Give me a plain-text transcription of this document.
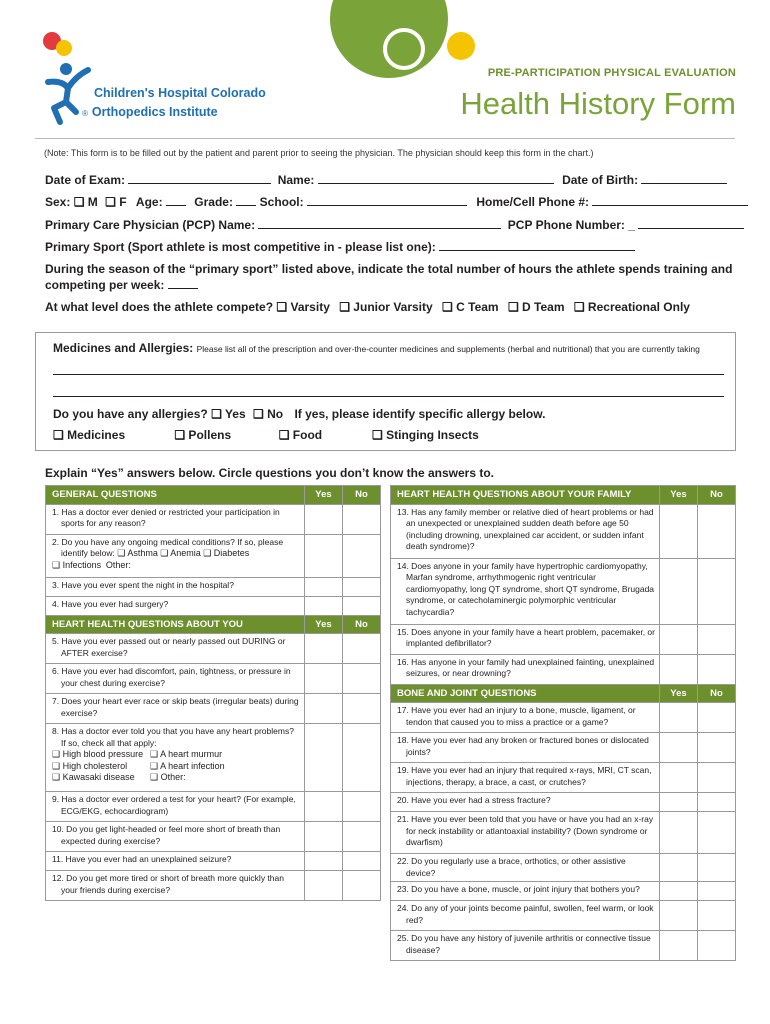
Children's Hospital Colorado
® Orthopedics Institute
PRE-PARTICIPATION PHYSICAL EVALUATION
Health History Form
(Note: This form is to be filled out by the patient and parent prior to seeing the physician. The physician should keep this form in the chart.)
Date of Exam:	Name:	Date of Birth:
Sex: ❑ M ❑ F Age:	Grade: School:	Home/Cell Phone #:
Primary Care Physician (PCP) Name:	PCP Phone Number: _
Primary Sport (Sport athlete is most competitive in - please list one):
During the season of the “primary sport” listed above, indicate the total number of hours the athlete spends training and competing per week:
At what level does the athlete compete? ❑ Varsity ❑ Junior Varsity ❑ C Team ❑ D Team ❑ Recreational Only
Medicines and Allergies: Please list all of the prescription and over-the-counter medicines and supplements (herbal and nutritional) that you are currently taking
Do you have any allergies? ❑ Yes ❑ No If yes, please identify specific allergy below.
❑ Medicines	❑ Pollens	❑ Food	❑ Stinging Insects
Explain “Yes” answers below. Circle questions you don’t know the answers to.
GENERAL QUESTIONS	Yes	No

1. Has a doctor ever denied or restricted your participation in sports for any reason?		

2. Do you have any ongoing medical conditions? If so, please identify below: ❑ Asthma ❑ Anemia ❑ Diabetes
❑ Infections Other:		

3. Have you ever spent the night in the hospital?		

4. Have you ever had surgery?		

HEART HEALTH QUESTIONS ABOUT YOU	Yes	No

5. Have you ever passed out or nearly passed out DURING or AFTER exercise?		

6. Have you ever had discomfort, pain, tightness, or pressure in your chest during exercise?		

7. Does your heart ever race or skip beats (irregular beats) during exercise?		

8. Has a doctor ever told you that you have any heart problems? If so, check all that apply:
❑ High blood pressure ❑ A heart murmur
❑ High cholesterol ❑ A heart infection
❑ Kawasaki disease ❑ Other:		

9. Has a doctor ever ordered a test for your heart? (For example, ECG/EKG, echocardiogram)		

10. Do you get light-headed or feel more short of breath than expected during exercise?		

11. Have you ever had an unexplained seizure?		

12. Do you get more tired or short of breath more quickly than your friends during exercise?		

HEART HEALTH QUESTIONS ABOUT YOUR FAMILY	Yes	No

13. Has any family member or relative died of heart problems or had an unexpected or unexplained sudden death before age 50 (including drowning, unexplained car accident, or sudden infant death syndrome)?		

14. Does anyone in your family have hypertrophic cardiomyopathy, Marfan syndrome, arrhythmogenic right ventricular cardiomyopathy, long QT syndrome, short QT syndrome, Brugada syndrome, or catecholaminergic polymorphic ventricular tachycardia?		

15. Does anyone in your family have a heart problem, pacemaker, or implanted defibrillator?		

16. Has anyone in your family had unexplained fainting, unexplained seizures, or near drowning?		

BONE AND JOINT QUESTIONS	Yes	No

17. Have you ever had an injury to a bone, muscle, ligament, or tendon that caused you to miss a practice or a game?		

18. Have you ever had any broken or fractured bones or dislocated joints?		

19. Have you ever had an injury that required x-rays, MRI, CT scan, injections, therapy, a brace, a cast, or crutches?		

20. Have you ever had a stress fracture?		

21. Have you ever been told that you have or have you had an x-ray for neck instability or atlantoaxial instability? (Down syndrome or dwarfism)		

22. Do you regularly use a brace, orthotics, or other assistive device?		

23. Do you have a bone, muscle, or joint injury that bothers you?		

24. Do any of your joints become painful, swollen, feel warm, or look red?		

25. Do you have any history of juvenile arthritis or connective tissue disease?		
